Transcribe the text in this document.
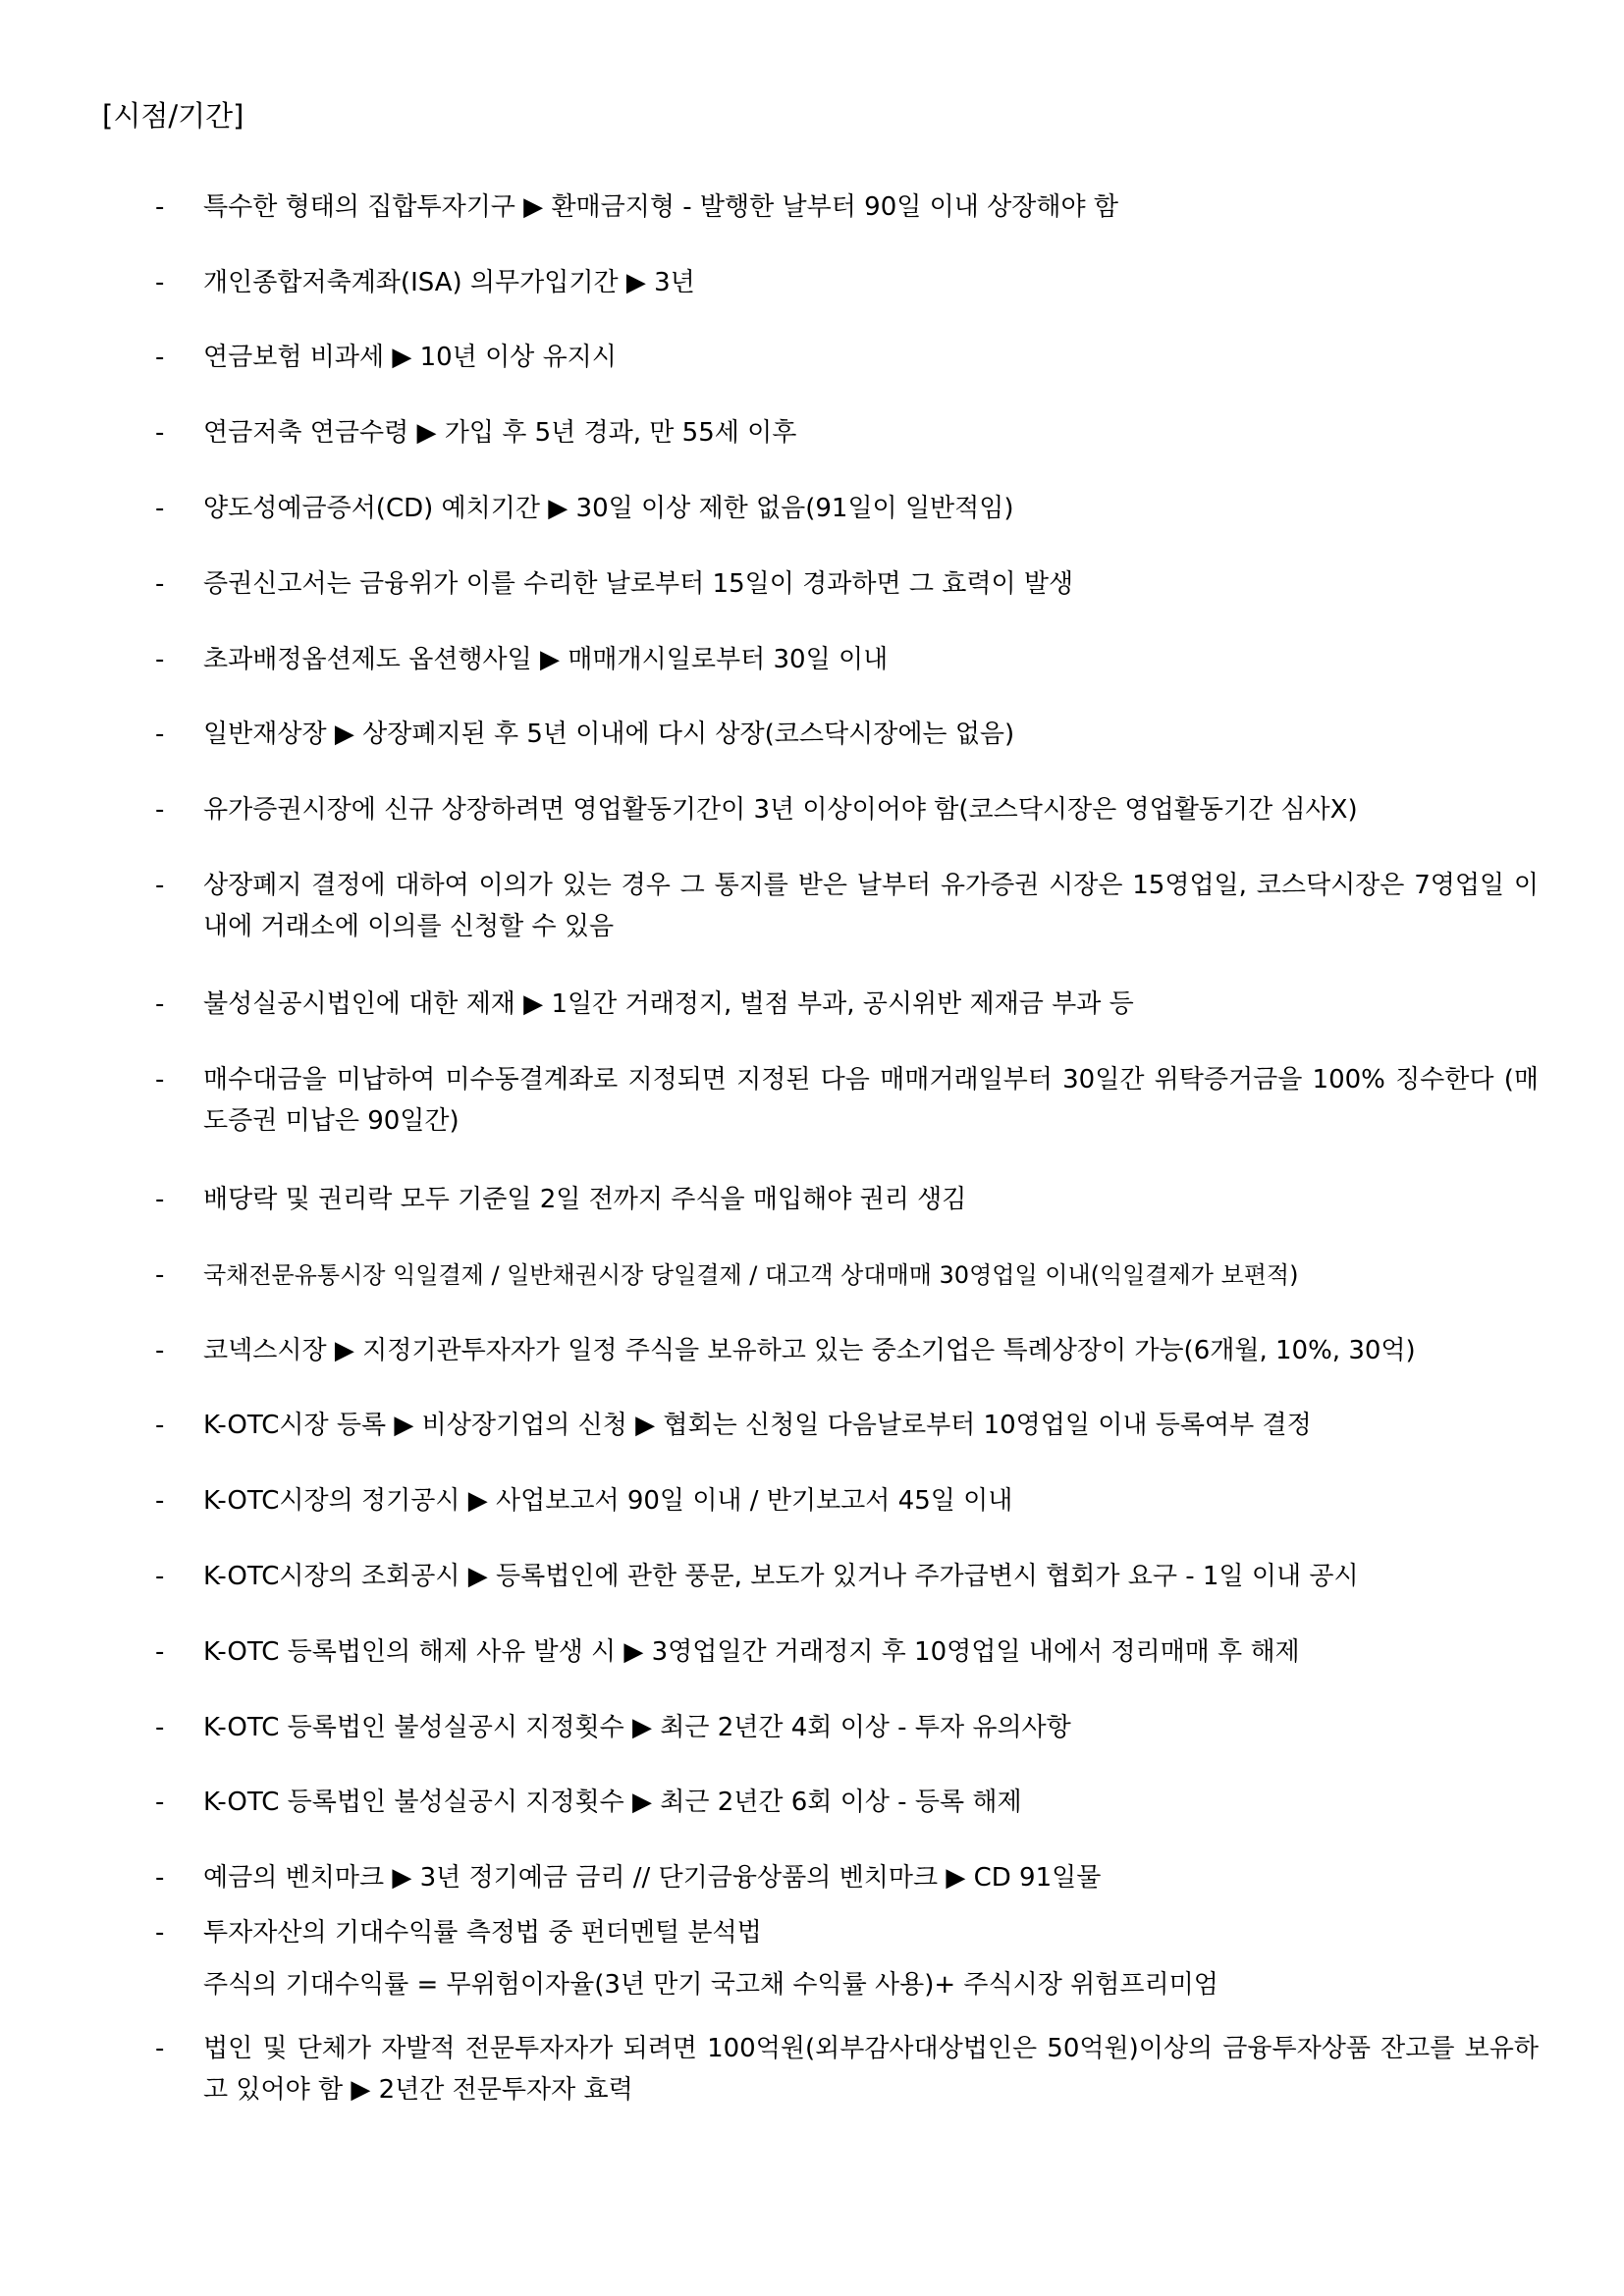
[시점/기간]
- 특수한 형태의 집합투자기구 ▶ 환매금지형 - 발행한 날부터 90일 이내 상장해야 함
- 개인종합저축계좌(ISA) 의무가입기간 ▶ 3년
- 연금보험 비과세 ▶ 10년 이상 유지시
- 연금저축 연금수령 ▶ 가입 후 5년 경과, 만 55세 이후
- 양도성예금증서(CD) 예치기간 ▶ 30일 이상 제한 없음(91일이 일반적임)
- 증권신고서는 금융위가 이를 수리한 날로부터 15일이 경과하면 그 효력이 발생
- 초과배정옵션제도 옵션행사일 ▶ 매매개시일로부터 30일 이내
- 일반재상장 ▶ 상장폐지된 후 5년 이내에 다시 상장(코스닥시장에는 없음)
- 유가증권시장에 신규 상장하려면 영업활동기간이 3년 이상이어야 함(코스닥시장은 영업활동기간 심사X)
- 상장폐지 결정에 대하여 이의가 있는 경우 그 통지를 받은 날부터 유가증권 시장은 15영업일, 코스닥시장은 7영업일 이내에 거래소에 이의를 신청할 수 있음
- 불성실공시법인에 대한 제재 ▶ 1일간 거래정지, 벌점 부과, 공시위반 제재금 부과 등
- 매수대금을 미납하여 미수동결계좌로 지정되면 지정된 다음 매매거래일부터 30일간 위탁증거금을 100% 징수한다 (매도증권 미납은 90일간)
- 배당락 및 권리락 모두 기준일 2일 전까지 주식을 매입해야 권리 생김
- 국채전문유통시장 익일결제 / 일반채권시장 당일결제 / 대고객 상대매매 30영업일 이내(익일결제가 보편적)
- 코넥스시장 ▶ 지정기관투자자가 일정 주식을 보유하고 있는 중소기업은 특례상장이 가능(6개월, 10%, 30억)
- K-OTC시장 등록 ▶ 비상장기업의 신청 ▶ 협회는 신청일 다음날로부터 10영업일 이내 등록여부 결정
- K-OTC시장의 정기공시 ▶ 사업보고서 90일 이내 / 반기보고서 45일 이내
- K-OTC시장의 조회공시 ▶ 등록법인에 관한 풍문, 보도가 있거나 주가급변시 협회가 요구 - 1일 이내 공시
- K-OTC 등록법인의 해제 사유 발생 시 ▶ 3영업일간 거래정지 후 10영업일 내에서 정리매매 후 해제
- K-OTC 등록법인 불성실공시 지정횟수 ▶ 최근 2년간 4회 이상 - 투자 유의사항
- K-OTC 등록법인 불성실공시 지정횟수 ▶ 최근 2년간 6회 이상 - 등록 해제
- 예금의 벤치마크 ▶ 3년 정기예금 금리 // 단기금융상품의 벤치마크 ▶ CD 91일물
- 투자자산의 기대수익률 측정법 중 펀더멘털 분석법
주식의 기대수익률 = 무위험이자율(3년 만기 국고채 수익률 사용)+ 주식시장 위험프리미엄
- 법인 및 단체가 자발적 전문투자자가 되려면 100억원(외부감사대상법인은 50억원)이상의 금융투자상품 잔고를 보유하고 있어야 함 ▶ 2년간 전문투자자 효력
